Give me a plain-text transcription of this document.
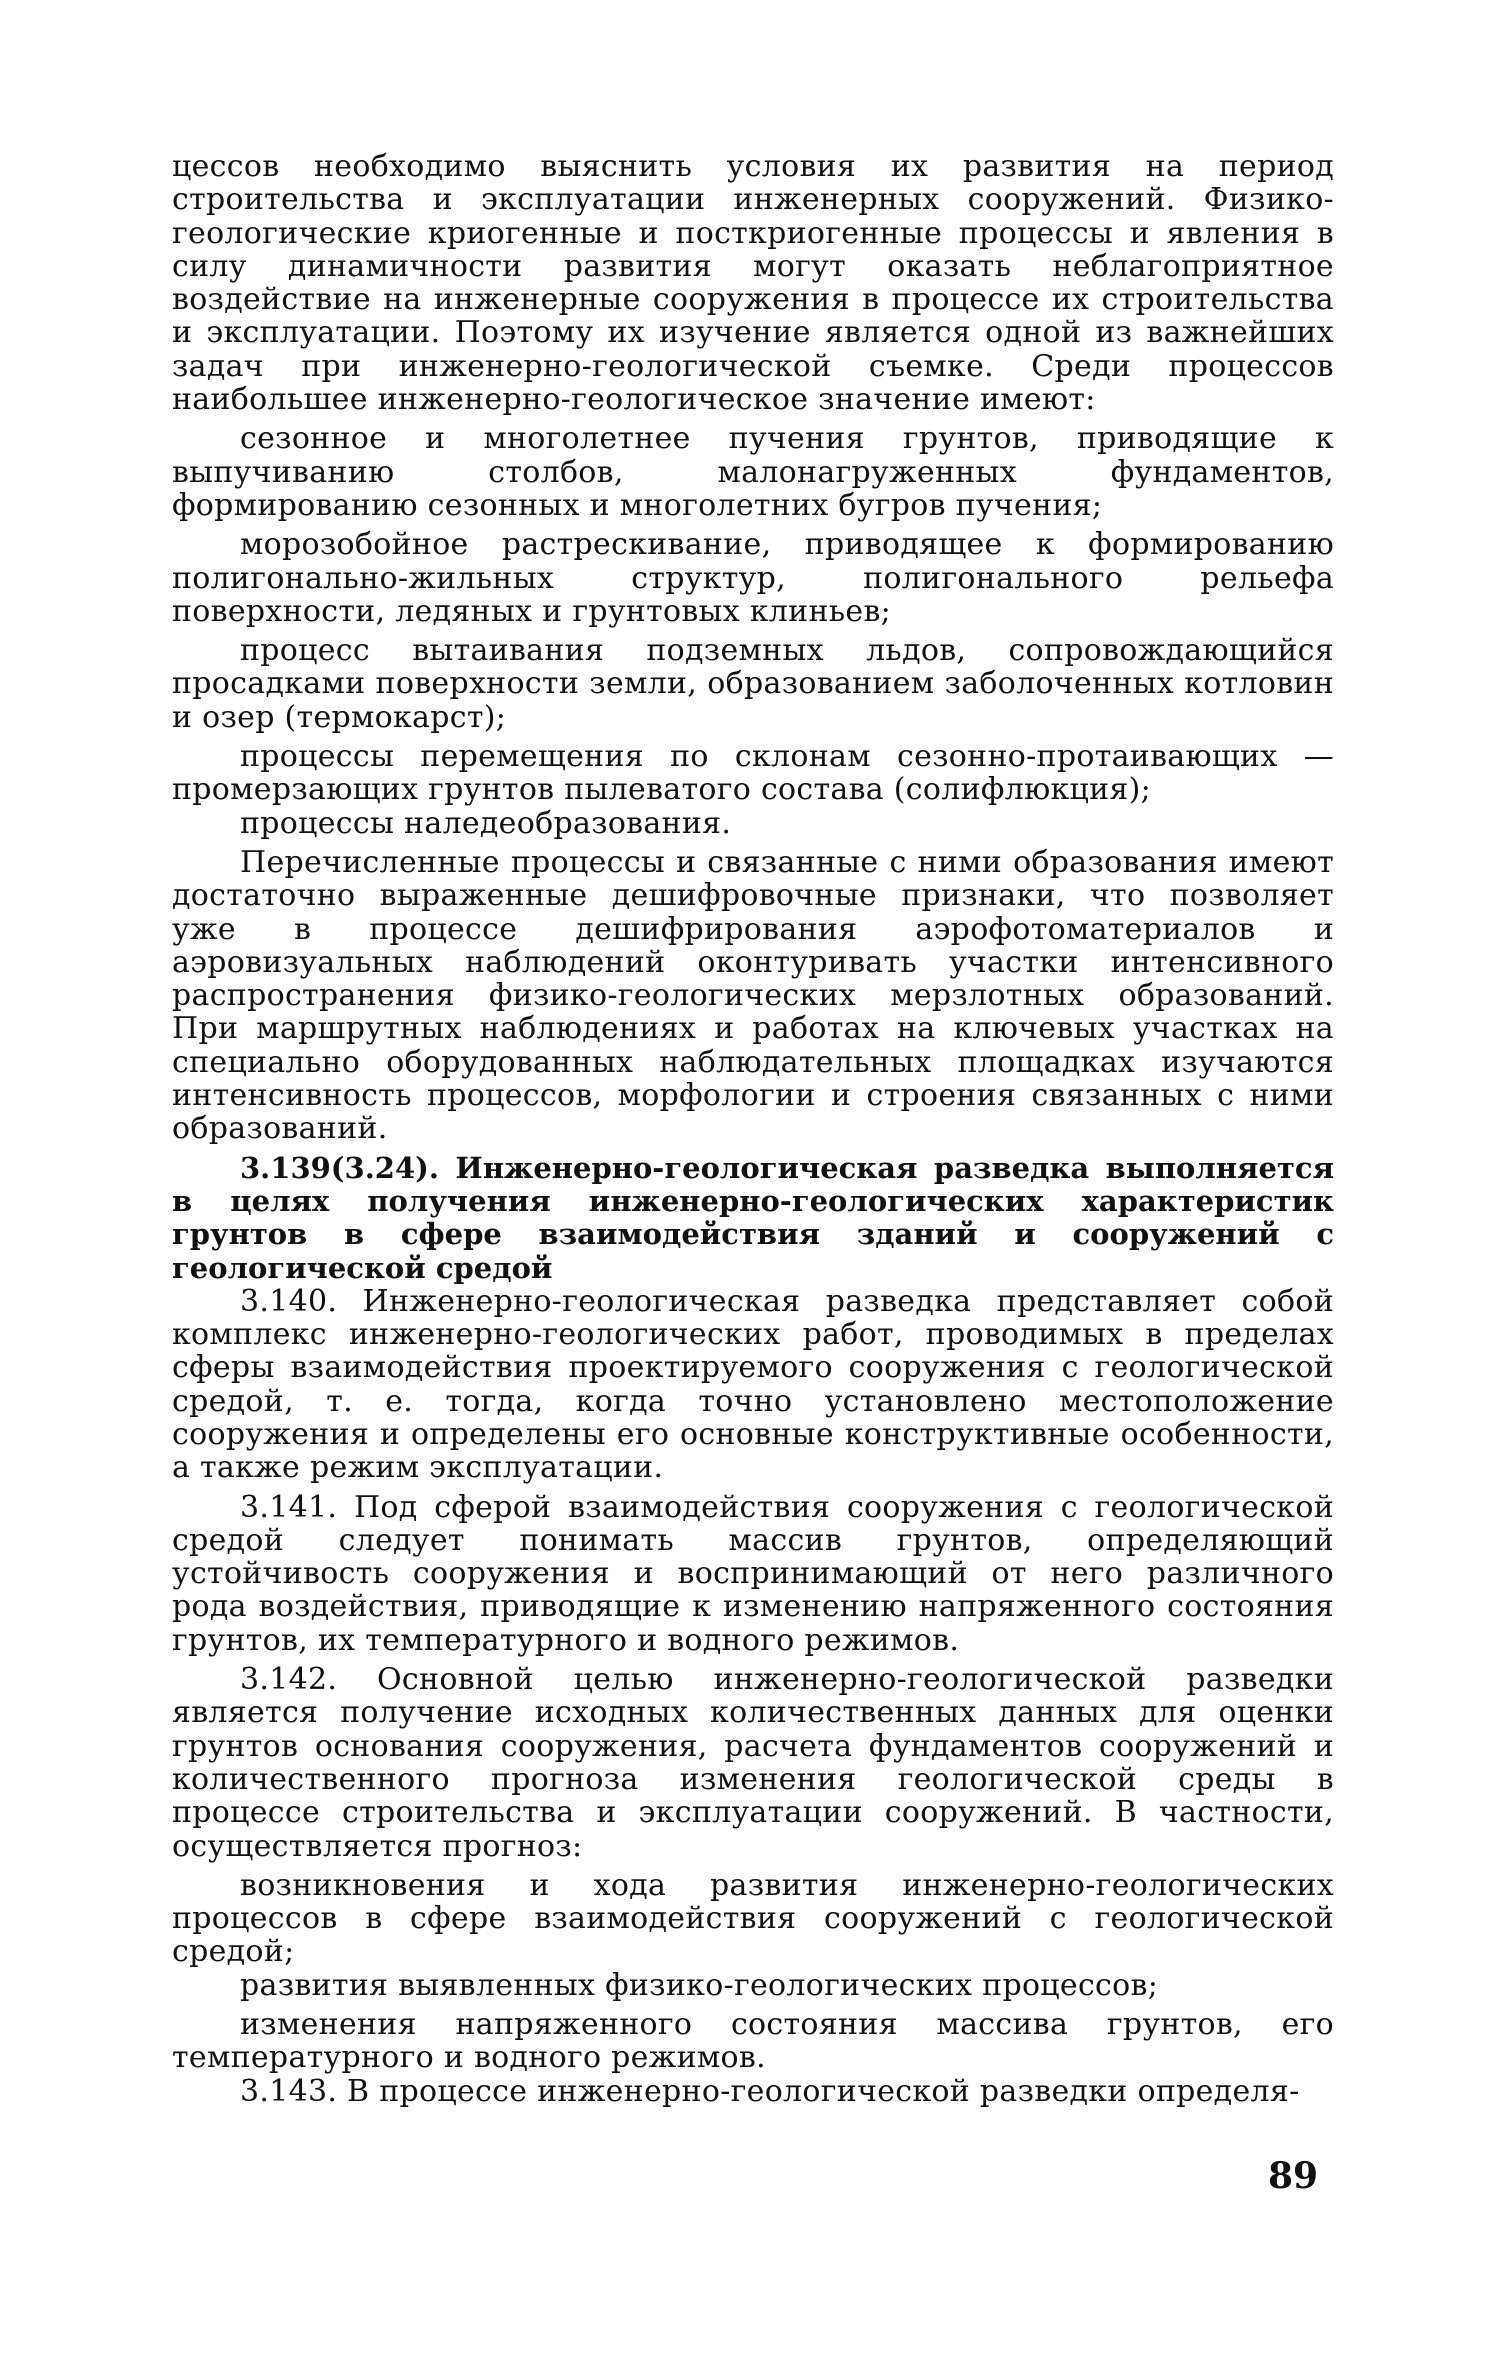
цессов необходимо выяснить условия их развития на период строительства и эксплуатации инженерных сооружений. Физико-геологические криогенные и посткриогенные процессы и явления в силу динамичности развития могут оказать неблагоприятное воздействие на инженерные сооружения в процессе их строительства и эксплуатации. Поэтому их изучение является одной из важнейших задач при инженерно-геологической съемке. Среди процессов наибольшее инженерно-геологическое значение имеют:

сезонное и многолетнее пучения грунтов, приводящие к выпучиванию столбов, малонагруженных фундаментов, формированию сезонных и многолетних бугров пучения;

морозобойное растрескивание, приводящее к формированию полигонально-жильных структур, полигонального рельефа поверхности, ледяных и грунтовых клиньев;

процесс вытаивания подземных льдов, сопровождающийся просадками поверхности земли, образованием заболоченных котловин и озер (термокарст);

процессы перемещения по склонам сезонно-протаивающих — промерзающих грунтов пылеватого состава (солифлюкция);

процессы наледеобразования.

Перечисленные процессы и связанные с ними образования имеют достаточно выраженные дешифровочные признаки, что позволяет уже в процессе дешифрирования аэрофотоматериалов и аэровизуальных наблюдений оконтуривать участки интенсивного распространения физико-геологических мерзлотных образований. При маршрутных наблюдениях и работах на ключевых участках на специально оборудованных наблюдательных площадках изучаются интенсивность процессов, морфологии и строения связанных с ними образований.

3.139(3.24). Инженерно-геологическая разведка выполняется в целях получения инженерно-геологических характеристик грунтов в сфере взаимодействия зданий и сооружений с геологической средой

3.140. Инженерно-геологическая разведка представляет собой комплекс инженерно-геологических работ, проводимых в пределах сферы взаимодействия проектируемого сооружения с геологической средой, т. е. тогда, когда точно установлено местоположение сооружения и определены его основные конструктивные особенности, а также режим эксплуатации.

3.141. Под сферой взаимодействия сооружения с геологической средой следует понимать массив грунтов, определяющий устойчивость сооружения и воспринимающий от него различного рода воздействия, приводящие к изменению напряженного состояния грунтов, их температурного и водного режимов.

3.142. Основной целью инженерно-геологической разведки является получение исходных количественных данных для оценки грунтов основания сооружения, расчета фундаментов сооружений и количественного прогноза изменения геологической среды в процессе строительства и эксплуатации сооружений. В частности, осуществляется прогноз:

возникновения и хода развития инженерно-геологических процессов в сфере взаимодействия сооружений с геологической средой;

развития выявленных физико-геологических процессов;

изменения напряженного состояния массива грунтов, его температурного и водного режимов.

3.143. В процессе инженерно-геологической разведки определя-

89
